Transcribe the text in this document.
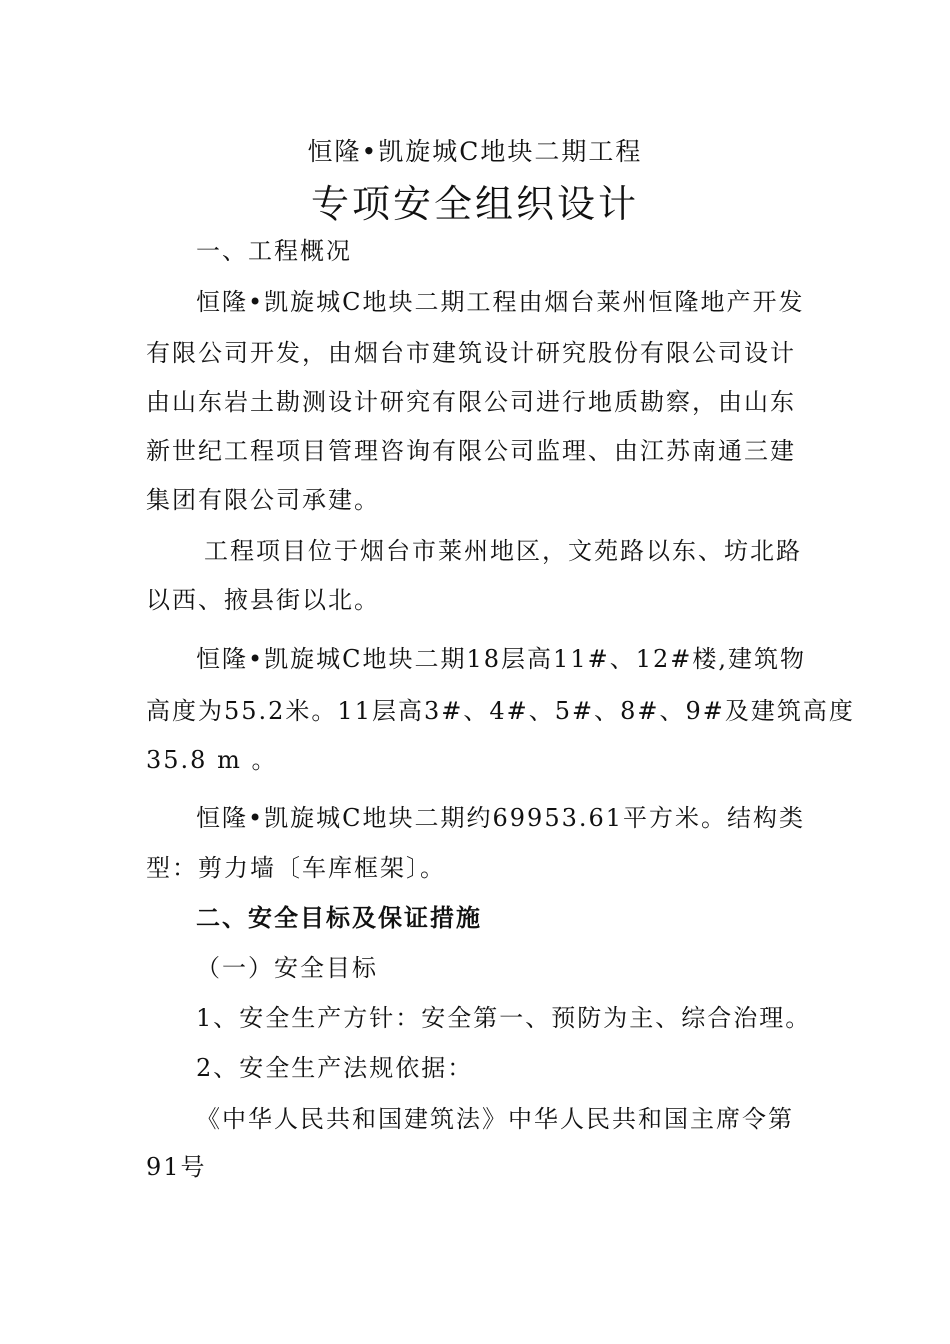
恒隆•凯旋城C地块二期工程
专项安全组织设计
一、工程概况
恒隆•凯旋城C地块二期工程由烟台莱州恒隆地产开发
有限公司开发，由烟台市建筑设计研究股份有限公司设计
由山东岩土勘测设计研究有限公司进行地质勘察，由山东
新世纪工程项目管理咨询有限公司监理、由江苏南通三建
集团有限公司承建。
工程项目位于烟台市莱州地区，文苑路以东、坊北路
以西、掖县街以北。
恒隆•凯旋城C地块二期18层高11#、12#楼,建筑物
高度为55.2米。11层高3#、4#、5#、8#、9#及建筑高度
35.8 m 。
恒隆•凯旋城C地块二期约69953.61平方米。结构类
型：剪力墙〔车库框架〕。
二、安全目标及保证措施
（一）安全目标
1、安全生产方针：安全第一、预防为主、综合治理。
2、安全生产法规依据：
《中华人民共和国建筑法》中华人民共和国主席令第
91号
